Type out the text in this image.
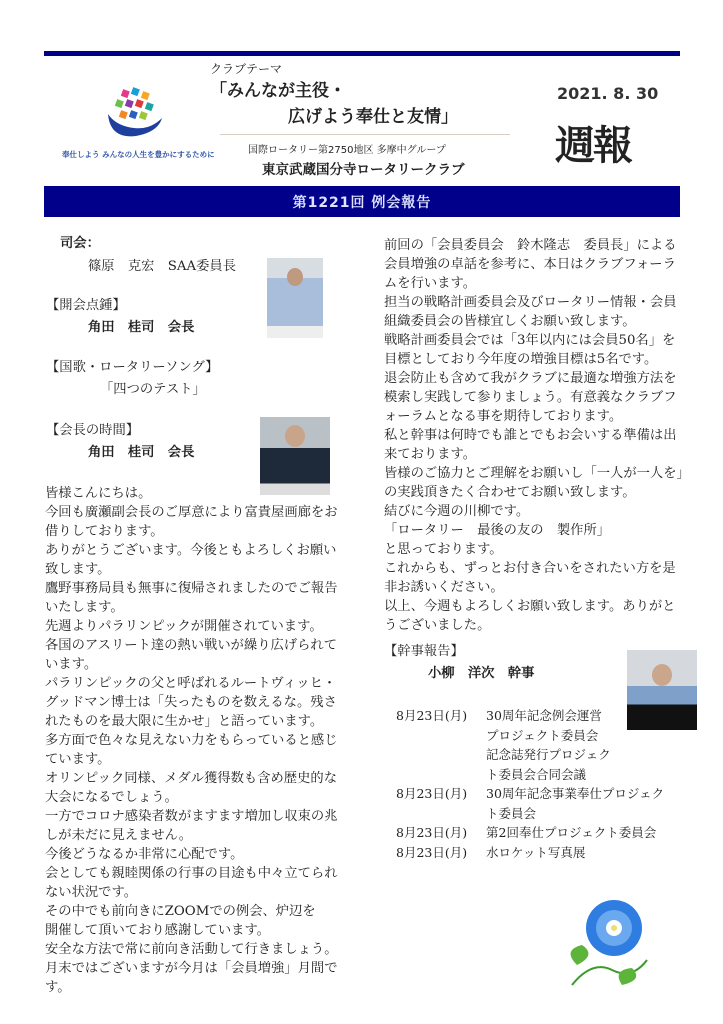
奉仕しよう みんなの人生を豊かにするために
クラブテーマ
「みんなが主役・
広げよう奉仕と友情」
国際ロータリー第2750地区 多摩中グループ
東京武蔵国分寺ロータリークラブ
2021. 8. 30
週報
第1221回 例会報告
司会：
篠原　克宏　SAA委員長
【開会点鍾】
角田　桂司　会長
【国歌・ロータリーソング】
「四つのテスト」
【会長の時間】
角田　桂司　会長
皆様こんにちは。
今回も廣瀬副会長のご厚意により富貴屋画廊をお
借りしております。
ありがとうございます。今後ともよろしくお願い
致します。
鷹野事務局員も無事に復帰されましたのでご報告
いたします。
先週よりパラリンピックが開催されています。
各国のアスリート達の熱い戦いが繰り広げられて
います。
パラリンピックの父と呼ばれるルートヴィッヒ・
グッドマン博士は「失ったものを数えるな。残さ
れたものを最大限に生かせ」と語っています。
多方面で色々な見えない力をもらっていると感じ
ています。
オリンピック同様、メダル獲得数も含め歴史的な
大会になるでしょう。
一方でコロナ感染者数がますます増加し収束の兆
しが未だに見えません。
今後どうなるか非常に心配です。
会としても親睦関係の行事の目途も中々立てられ
ない状況です。
その中でも前向きにZOOMでの例会、炉辺を
開催して頂いており感謝しています。
安全な方法で常に前向き活動して行きましょう。
月末ではございますが今月は「会員増強」月間で
す。
前回の「会員委員会　鈴木隆志　委員長」による
会員増強の卓話を参考に、本日はクラブフォーラ
ムを行います。
担当の戦略計画委員会及びロータリー情報・会員
組織委員会の皆様宜しくお願い致します。
戦略計画委員会では「3年以内には会員50名」を
目標としており今年度の増強目標は5名です。
退会防止も含めて我がクラブに最適な増強方法を
模索し実践して参りましょう。有意義なクラブフ
ォーラムとなる事を期待しております。
私と幹事は何時でも誰とでもお会いする準備は出
来ております。
皆様のご協力とご理解をお願いし「一人が一人を」
の実践頂きたく合わせてお願い致します。
結びに今週の川柳です。
「ロータリー　最後の友の　製作所」
と思っております。
これからも、ずっとお付き合いをされたい方を是
非お誘いください。
以上、今週もよろしくお願い致します。ありがと
うございました。
【幹事報告】
小柳　洋次　幹事
8月23日(月)	30周年記念例会運営
プロジェクト委員会
記念誌発行プロジェク
ト委員会合同会議
8月23日(月)	30周年記念事業奉仕プロジェク
ト委員会
8月23日(月)	第2回奉仕プロジェクト委員会
8月23日(月)	水ロケット写真展
